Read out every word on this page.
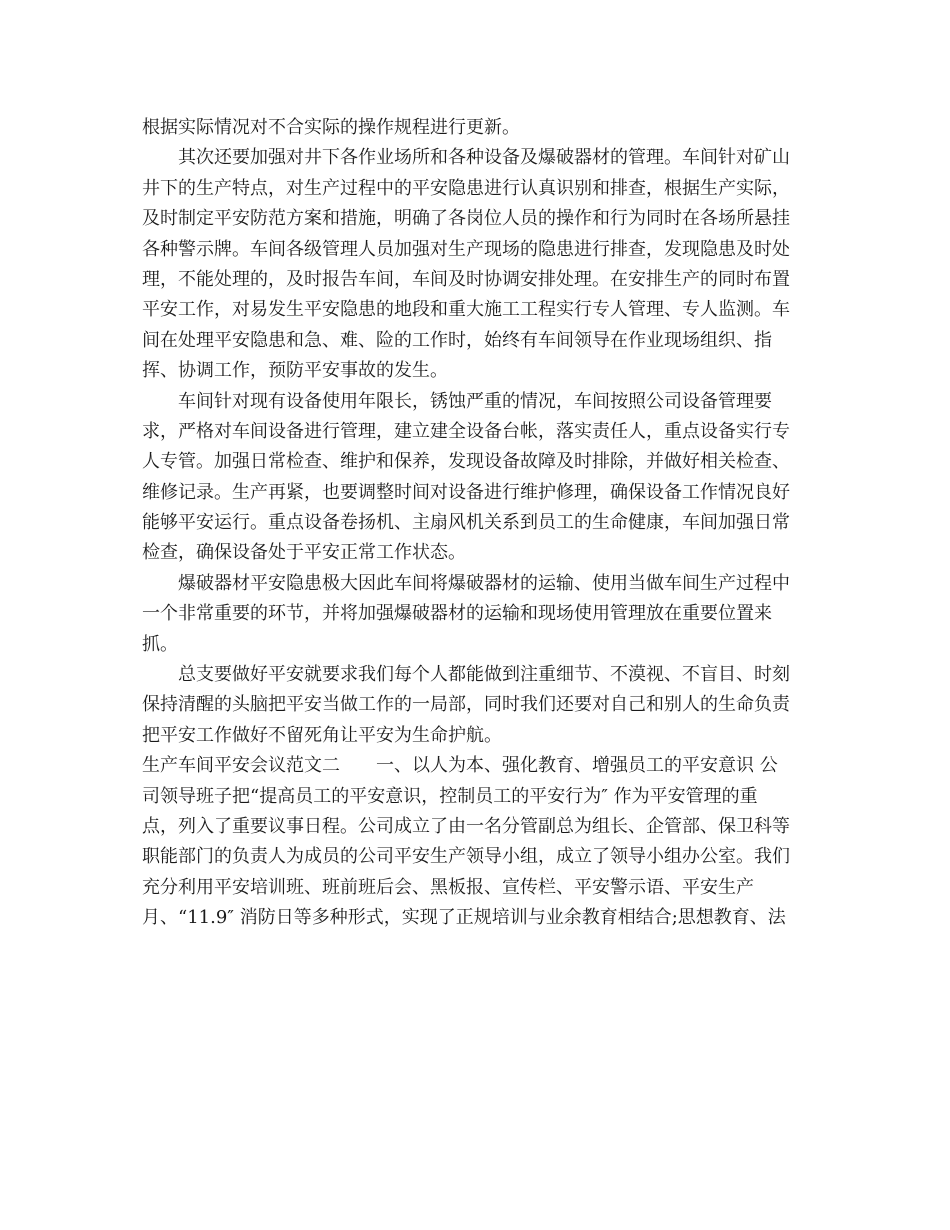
根据实际情况对不合实际的操作规程进行更新。
其次还要加强对井下各作业场所和各种设备及爆破器材的管理。车间针对矿山
井下的生产特点，对生产过程中的平安隐患进行认真识别和排查，根据生产实际，
及时制定平安防范方案和措施，明确了各岗位人员的操作和行为同时在各场所悬挂
各种警示牌。车间各级管理人员加强对生产现场的隐患进行排查，发现隐患及时处
理，不能处理的，及时报告车间，车间及时协调安排处理。在安排生产的同时布置
平安工作，对易发生平安隐患的地段和重大施工工程实行专人管理、专人监测。车
间在处理平安隐患和急、难、险的工作时，始终有车间领导在作业现场组织、指
挥、协调工作，预防平安事故的发生。
车间针对现有设备使用年限长，锈蚀严重的情况，车间按照公司设备管理要
求，严格对车间设备进行管理，建立建全设备台帐，落实责任人，重点设备实行专
人专管。加强日常检查、维护和保养，发现设备故障及时排除，并做好相关检查、
维修记录。生产再紧，也要调整时间对设备进行维护修理，确保设备工作情况良好
能够平安运行。重点设备卷扬机、主扇风机关系到员工的生命健康，车间加强日常
检查，确保设备处于平安正常工作状态。
爆破器材平安隐患极大因此车间将爆破器材的运输、使用当做车间生产过程中
一个非常重要的环节，并将加强爆破器材的运输和现场使用管理放在重要位置来
抓。
总支要做好平安就要求我们每个人都能做到注重细节、不漠视、不盲目、时刻
保持清醒的头脑把平安当做工作的一局部，同时我们还要对自己和别人的生命负责
把平安工作做好不留死角让平安为生命护航。
生产车间平安会议范文二　　一、以人为本、强化教育、增强员工的平安意识 公
司领导班子把“提高员工的平安意识，控制员工的平安行为″ 作为平安管理的重
点，列入了重要议事日程。公司成立了由一名分管副总为组长、企管部、保卫科等
职能部门的负责人为成员的公司平安生产领导小组，成立了领导小组办公室。我们
充分利用平安培训班、班前班后会、黑板报、宣传栏、平安警示语、平安生产
月、“11.9″ 消防日等多种形式，实现了正规培训与业余教育相结合;思想教育、法
